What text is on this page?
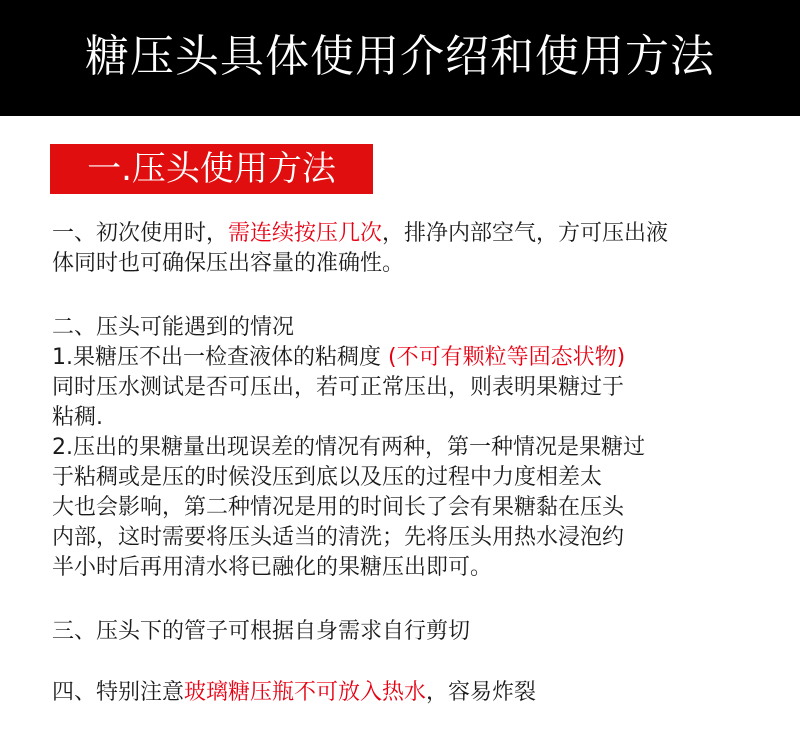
糖压头具体使用介绍和使用方法
一.压头使用方法
一、初次使用时，需连续按压几次，排净内部空气，方可压出液
体同时也可确保压出容量的准确性。
二、压头可能遇到的情况
1.果糖压不出一检查液体的粘稠度 (不可有颗粒等固态状物)
同时压水测试是否可压出，若可正常压出，则表明果糖过于
粘稠.
2.压出的果糖量出现误差的情况有两种，第一种情况是果糖过
于粘稠或是压的时候没压到底以及压的过程中力度相差太
大也会影响，第二种情况是用的时间长了会有果糖黏在压头
内部，这时需要将压头适当的清洗；先将压头用热水浸泡约
半小时后再用清水将已融化的果糖压出即可。
三、压头下的管子可根据自身需求自行剪切
四、特别注意玻璃糖压瓶不可放入热水，容易炸裂
